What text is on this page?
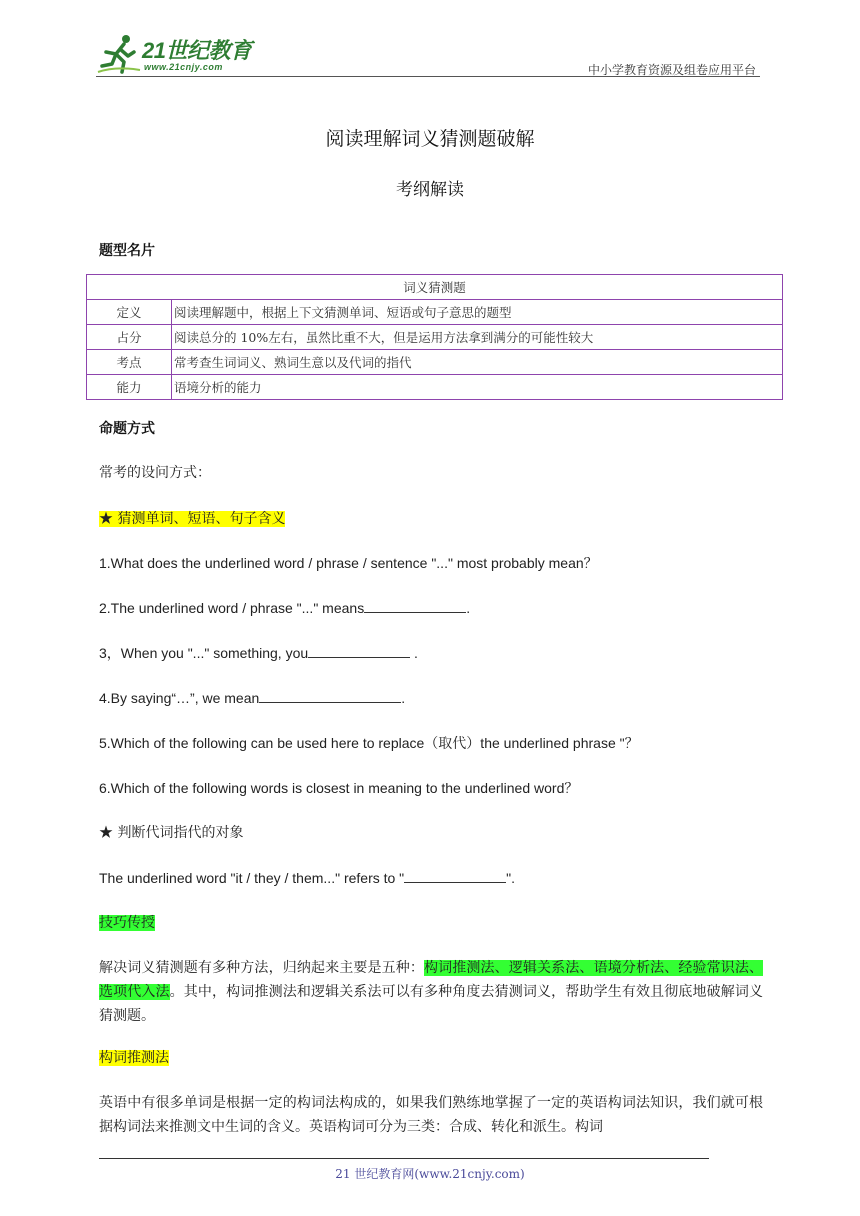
21世纪教育
www.21cnjy.com	中小学教育资源及组卷应用平台
阅读理解词义猜测题破解
考纲解读
题型名片
词义猜测题	
定义	阅读理解题中，根据上下文猜测单词、短语或句子意思的题型
占分	阅读总分的 10%左右，虽然比重不大，但是运用方法拿到满分的可能性较大
考点	常考查生词词义、熟词生意以及代词的指代
能力	语境分析的能力
命题方式
常考的设问方式：
★ 猜测单词、短语、句子含义
1.What does the underlined word / phrase / sentence "..." most probably mean？
2.The underlined word / phrase "..." means	.
3，When you "..." something, you	.
4.By saying“…”, we mean	.
5.Which of the following can be used here to replace（取代）the underlined phrase "？
6.Which of the following words is closest in meaning to the underlined word？
★ 判断代词指代的对象
The underlined word "it / they / them..." refers to "	".
技巧传授
解决词义猜测题有多种方法，归纳起来主要是五种：构词推测法、逻辑关系法、语境分析法、经验常识法、 选项代入法。其中，构词推测法和逻辑关系法可以有多种角度去猜测词义，帮助学生有效且彻底地破解词义猜测题。
构词推测法
英语中有很多单词是根据一定的构词法构成的，如果我们熟练地掌握了一定的英语构词法知识，我们就可根 据构词法来推测文中生词的含义。英语构词可分为三类：合成、转化和派生。构词
21 世纪教育网(www.21cnjy.com)
